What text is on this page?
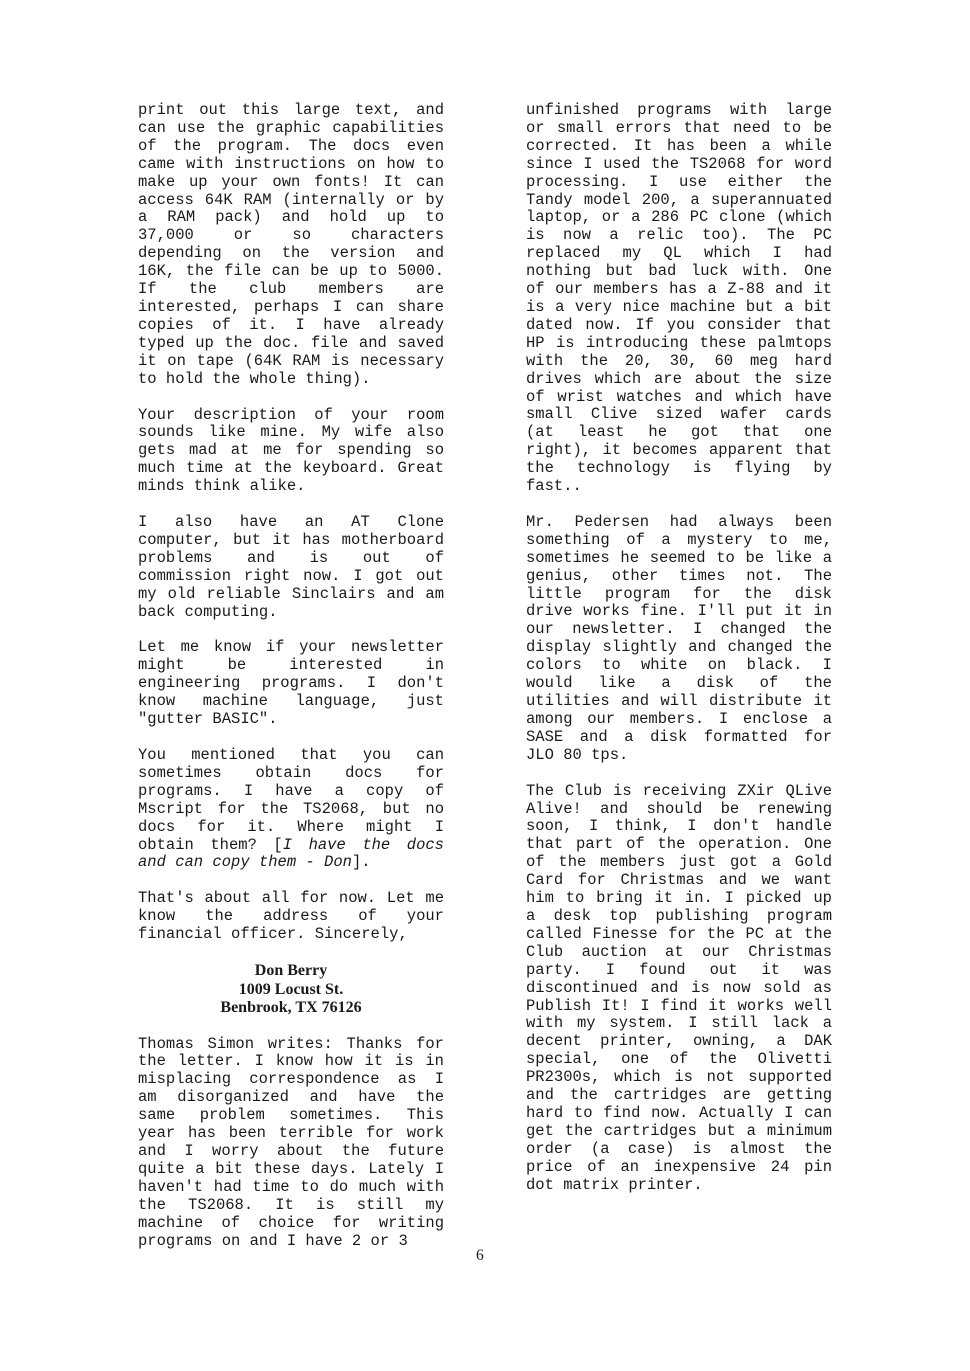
print out this large text, and can use the graphic capabilities of the program. The docs even came with instructions on how to make up your own fonts! It can access 64K RAM (internally or by a RAM pack) and hold up to 37,000 or so characters depending on the version and 16K, the file can be up to 5000. If the club members are interested, perhaps I can share copies of it. I have already typed up the doc. file and saved it on tape (64K RAM is necessary to hold the whole thing).

Your description of your room sounds like mine. My wife also gets mad at me for spending so much time at the keyboard. Great minds think alike.

I also have an AT Clone computer, but it has motherboard problems and is out of commission right now. I got out my old reliable Sinclairs and am back computing.

Let me know if your newsletter might be interested in engineering programs. I don't know machine language, just "gutter BASIC".

You mentioned that you can sometimes obtain docs for programs. I have a copy of Mscript for the TS2068, but no docs for it. Where might I obtain them? [I have the docs and can copy them - Don].

That's about all for now. Let me know the address of your financial officer. Sincerely,

Don Berry
1009 Locust St.
Benbrook, TX 76126

Thomas Simon writes: Thanks for the letter. I know how it is in misplacing correspondence as I am disorganized and have the same problem sometimes. This year has been terrible for work and I worry about the future quite a bit these days. Lately I haven't had time to do much with the TS2068. It is still my machine of choice for writing programs on and I have 2 or 3

unfinished programs with large or small errors that need to be corrected. It has been a while since I used the TS2068 for word processing. I use either the Tandy model 200, a superannuated laptop, or a 286 PC clone (which is now a relic too). The PC replaced my QL which I had nothing but bad luck with. One of our members has a Z-88 and it is a very nice machine but a bit dated now. If you consider that HP is introducing these palmtops with the 20, 30, 60 meg hard drives which are about the size of wrist watches and which have small Clive sized wafer cards (at least he got that one right), it becomes apparent that the technology is flying by fast..

Mr. Pedersen had always been something of a mystery to me, sometimes he seemed to be like a genius, other times not. The little program for the disk drive works fine. I'll put it in our newsletter. I changed the display slightly and changed the colors to white on black. I would like a disk of the utilities and will distribute it among our members. I enclose a SASE and a disk formatted for JLO 80 tps.

The Club is receiving ZXir QLive Alive! and should be renewing soon, I think, I don't handle that part of the operation. One of the members just got a Gold Card for Christmas and we want him to bring it in. I picked up a desk top publishing program called Finesse for the PC at the Club auction at our Christmas party. I found out it was discontinued and is now sold as Publish It! I find it works well with my system. I still lack a decent printer, owning, a DAK special, one of the Olivetti PR2300s, which is not supported and the cartridges are getting hard to find now. Actually I can get the cartridges but a minimum order (a case) is almost the price of an inexpensive 24 pin dot matrix printer.

6
